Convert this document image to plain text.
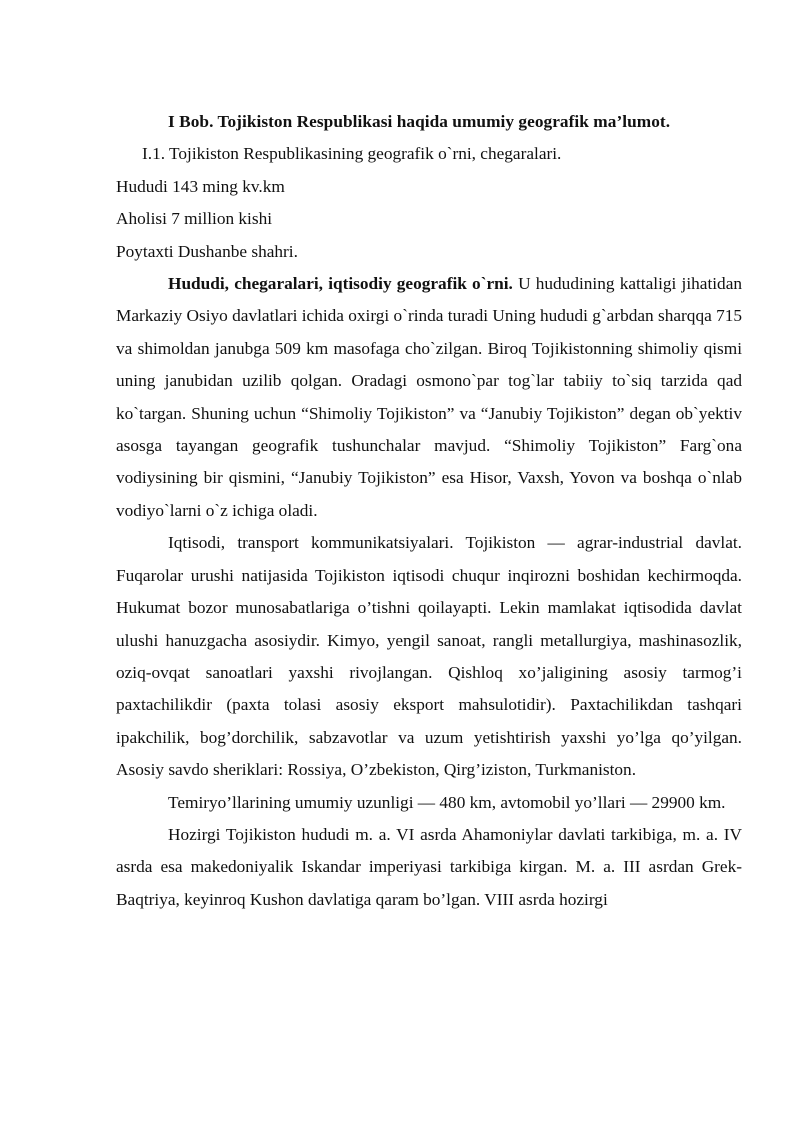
I Bob. Tojikiston Respublikasi haqida umumiy geografik ma’lumot.

I.1. Tojikiston Respublikasining geografik o`rni, chegaralari.

Hududi 143 ming kv.km

Aholisi 7 million kishi

Poytaxti Dushanbe shahri.

Hududi, chegaralari, iqtisodiy geografik o`rni. U hududining kattaligi jihatidan Markaziy Osiyo davlatlari ichida oxirgi o`rinda turadi Uning hududi g`arbdan sharqqa 715 va shimoldan janubga 509 km masofaga cho`zilgan. Biroq Tojikistonning shimoliy qismi uning janubidan uzilib qolgan. Oradagi osmono`par tog`lar tabiiy to`siq tarzida qad ko`targan. Shuning uchun “Shimoliy Tojikiston” va “Janubiy Tojikiston” degan ob`yektiv asosga tayangan geografik tushunchalar mavjud. “Shimoliy Tojikiston” Farg`ona vodiysining bir qismini, “Janubiy Tojikiston” esa Hisor, Vaxsh, Yovon va boshqa o`nlab vodiyo`larni o`z ichiga oladi.

Iqtisodi, transport kommunikatsiyalari. Tojikiston — agrar-industrial davlat. Fuqarolar urushi natijasida Tojikiston iqtisodi chuqur inqirozni boshidan kechirmoqda. Hukumat bozor munosabatlariga o’tishni qoilayapti. Lekin mamlakat iqtisodida davlat ulushi hanuzgacha asosiydir. Kimyo, yengil sanoat, rangli metallurgiya, mashinasozlik, oziq-ovqat sanoatlari yaxshi rivojlangan. Qishloq xo’jaligining asosiy tarmog’i paxtachilikdir (paxta tolasi asosiy eksport mahsulotidir). Paxtachilikdan tashqari ipakchilik, bog’dorchilik, sabzavotlar va uzum yetishtirish yaxshi yo’lga qo’yilgan. Asosiy savdo sheriklari: Rossiya, O’zbekiston, Qirg’iziston, Turkmaniston.

Temiryo’llarining umumiy uzunligi — 480 km, avtomobil yo’llari — 29900 km.

Hozirgi Tojikiston hududi m. a. VI asrda Ahamoniylar davlati tarkibiga, m. a. IV asrda esa makedoniyalik Iskandar imperiyasi tarkibiga kirgan. M. a. III asrdan Grek-Baqtriya, keyinroq Kushon davlatiga qaram bo’lgan. VIII asrda hozirgi
